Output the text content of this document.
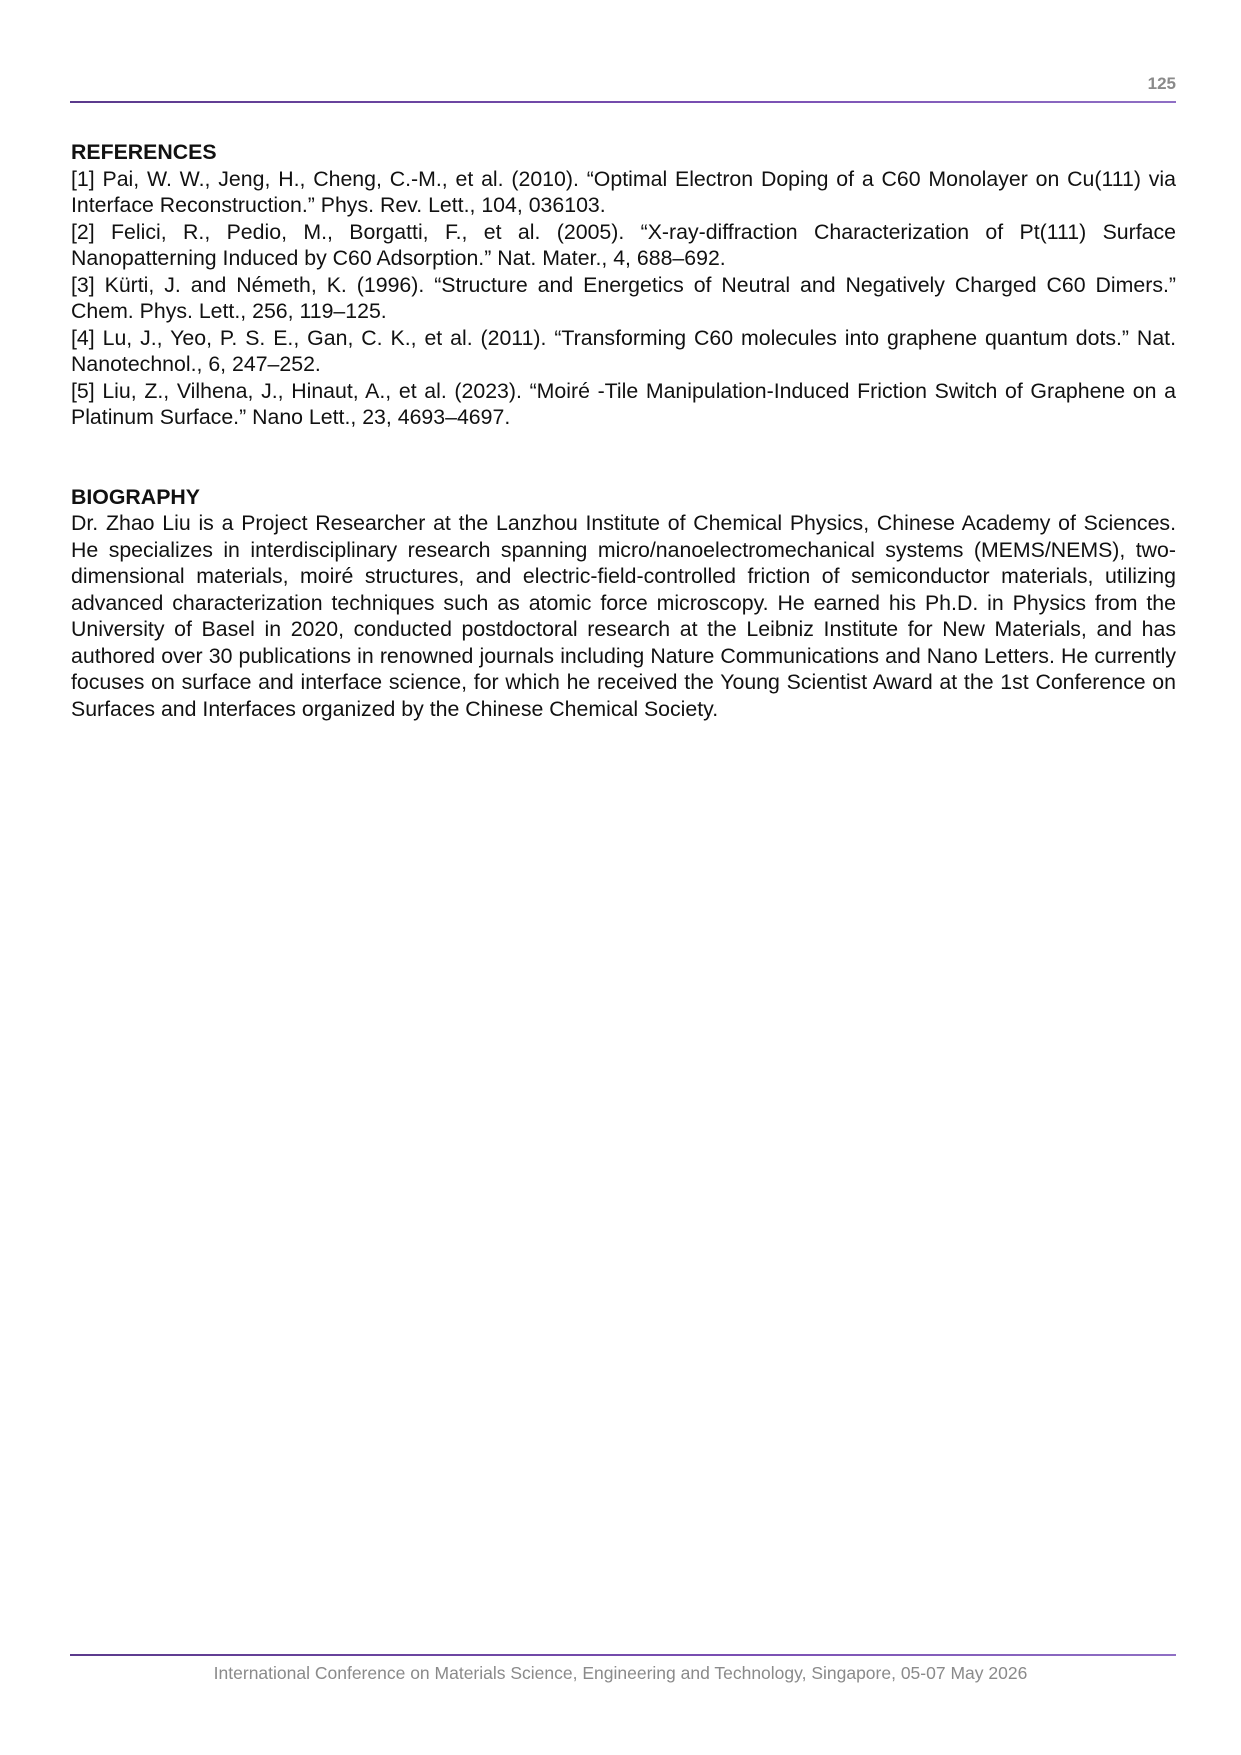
125

REFERENCES

[1] Pai, W. W., Jeng, H., Cheng, C.-M., et al. (2010). “Optimal Electron Doping of a C60 Monolayer on Cu(111) via Interface Reconstruction.” Phys. Rev. Lett., 104, 036103.

[2] Felici, R., Pedio, M., Borgatti, F., et al. (2005). “X-ray-diffraction Characterization of Pt(111) Surface Nanopatterning Induced by C60 Adsorption.” Nat. Mater., 4, 688–692.

[3] Kürti, J. and Németh, K. (1996). “Structure and Energetics of Neutral and Negatively Charged C60 Dimers.” Chem. Phys. Lett., 256, 119–125.

[4] Lu, J., Yeo, P. S. E., Gan, C. K., et al. (2011). “Transforming C60 molecules into graphene quantum dots.” Nat. Nanotechnol., 6, 247–252.

[5] Liu, Z., Vilhena, J., Hinaut, A., et al. (2023). “Moiré -Tile Manipulation-Induced Friction Switch of Graphene on a Platinum Surface.” Nano Lett., 23, 4693–4697.

BIOGRAPHY

Dr. Zhao Liu is a Project Researcher at the Lanzhou Institute of Chemical Physics, Chinese Academy of Sciences. He specializes in interdisciplinary research spanning micro/nanoelectromechanical systems (MEMS/NEMS), two-dimensional materials, moiré structures, and electric-field-controlled friction of semiconductor materials, utilizing advanced characterization techniques such as atomic force microscopy. He earned his Ph.D. in Physics from the University of Basel in 2020, conducted postdoctoral research at the Leibniz Institute for New Materials, and has authored over 30 publications in renowned journals including Nature Communications and Nano Letters. He currently focuses on surface and interface science, for which he received the Young Scientist Award at the 1st Conference on Surfaces and Interfaces organized by the Chinese Chemical Society.

International Conference on Materials Science, Engineering and Technology, Singapore, 05-07 May 2026
